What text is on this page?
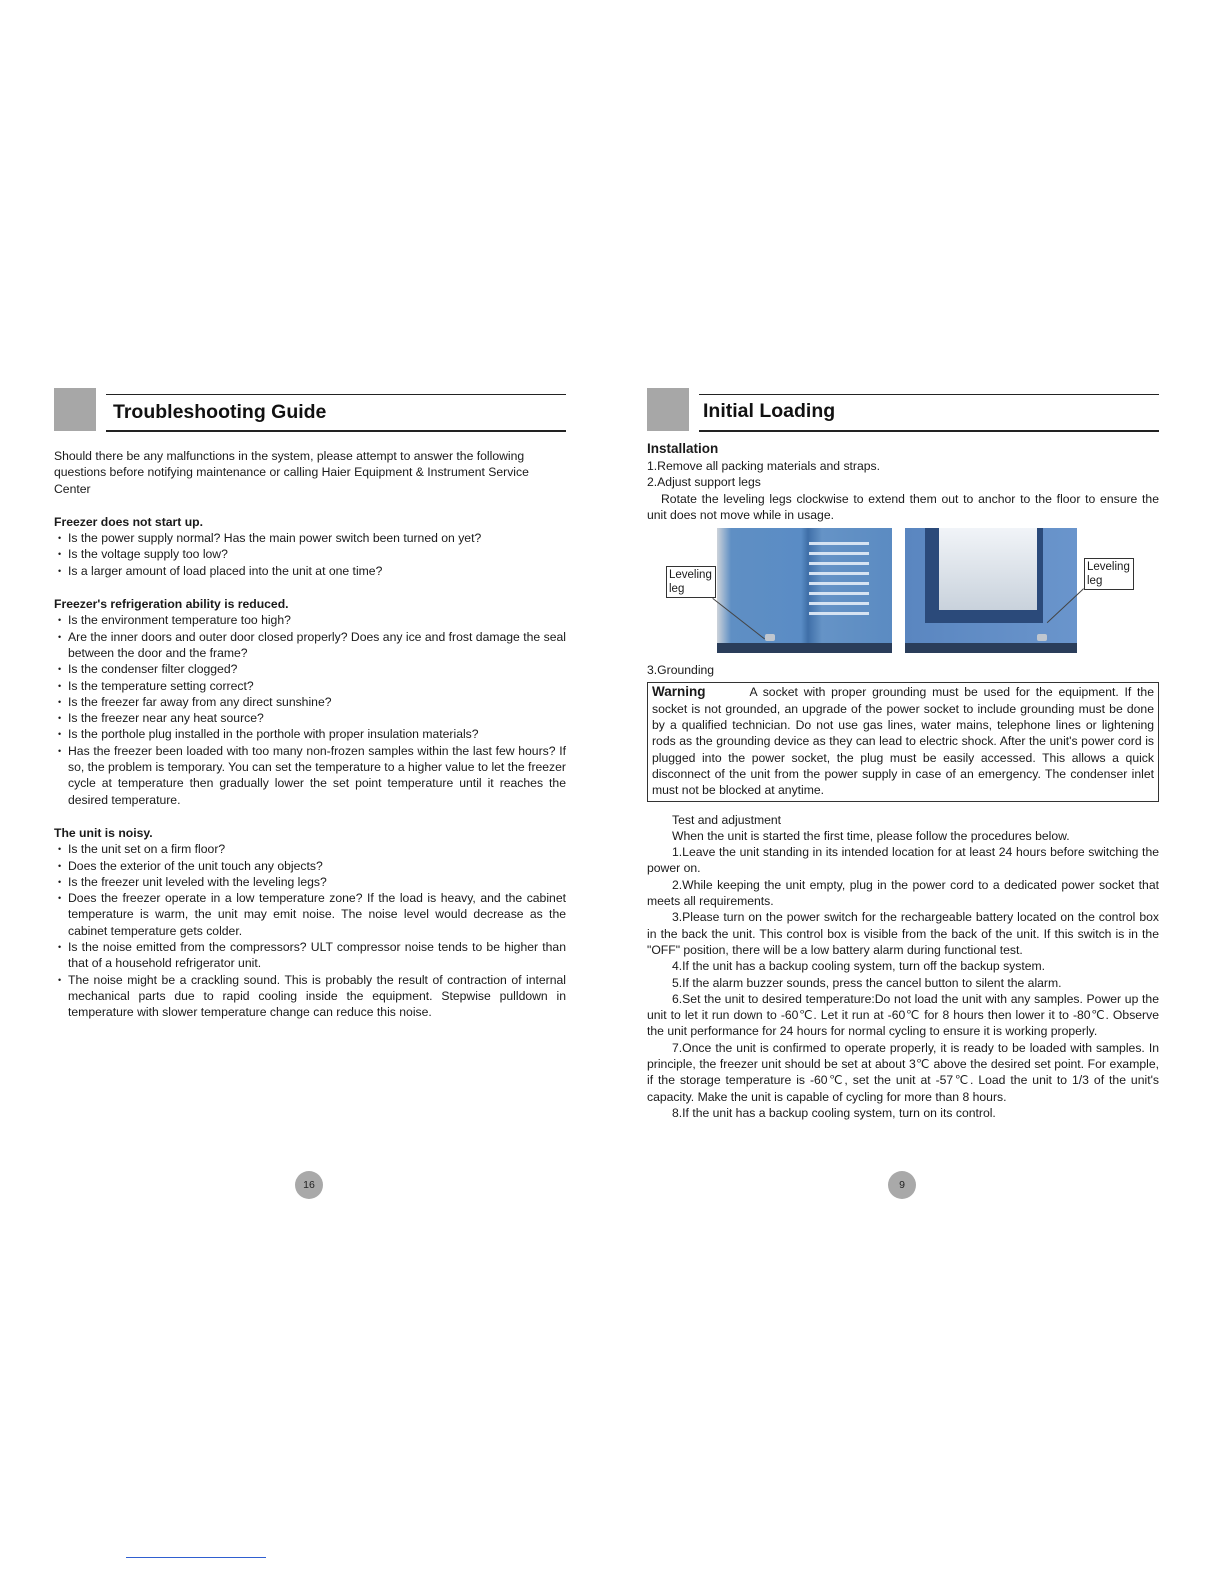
Troubleshooting Guide

Should there be any malfunctions in the system, please attempt to answer the following questions before notifying maintenance or calling Haier Equipment & Instrument Service Center

Freezer does not start up.

• Is the power supply normal? Has the main power switch been turned on yet?
• Is the voltage supply too low?
• Is a larger amount of load placed into the unit at one time?

Freezer's refrigeration ability is reduced.

• Is the environment temperature too high?
• Are the inner doors and outer door closed properly? Does any ice and frost damage the seal between the door and the frame?
• Is the condenser filter clogged?
• Is the temperature setting correct?
• Is the freezer far away from any direct sunshine?
• Is the freezer near any heat source?
• Is the porthole plug installed in the porthole with proper insulation materials?
• Has the freezer been loaded with too many non-frozen samples within the last few hours? If so, the problem is temporary. You can set the temperature to a higher value to let the freezer cycle at temperature then gradually lower the set point temperature until it reaches the desired temperature.

The unit is noisy.

• Is the unit set on a firm floor?
• Does the exterior of the unit touch any objects?
• Is the freezer unit leveled with the leveling legs?
• Does the freezer operate in a low temperature zone? If the load is heavy, and the cabinet temperature is warm, the unit may emit noise. The noise level would decrease as the cabinet temperature gets colder.
• Is the noise emitted from the compressors? ULT compressor noise tends to be higher than that of a household refrigerator unit.
• The noise might be a crackling sound. This is probably the result of contraction of internal mechanical parts due to rapid cooling inside the equipment. Stepwise pulldown in temperature with slower temperature change can reduce this noise.
Initial Loading

Installation

1.Remove all packing materials and straps.

2.Adjust support legs

Rotate the leveling legs clockwise to extend them out to anchor to the floor to ensure the unit does not move while in usage.

Leveling leg
Leveling leg

3.Grounding

Warning	A socket with proper grounding must be used for the equipment. If the socket is not grounded, an upgrade of the power socket to include grounding must be done by a qualified technician. Do not use gas lines, water mains, telephone lines or lightening rods as the grounding device as they can lead to electric shock. After the unit's power cord is plugged into the power socket, the plug must be easily accessed. This allows a quick disconnect of the unit from the power supply in case of an emergency. The condenser inlet must not be blocked at anytime.

Test and adjustment

When the unit is started the first time, please follow the procedures below.

1.Leave the unit standing in its intended location for at least 24 hours before switching the power on.

2.While keeping the unit empty, plug in the power cord to a dedicated power socket that meets all requirements.

3.Please turn on the power switch for the rechargeable battery located on the control box in the back the unit. This control box is visible from the back of the unit. If this switch is in the "OFF" position, there will be a low battery alarm during functional test.

4.If the unit has a backup cooling system, turn off the backup system.

5.If the alarm buzzer sounds, press the cancel button to silent the alarm.

6.Set the unit to desired temperature:Do not load the unit with any samples. Power up the unit to let it run down to -60℃. Let it run at -60℃ for 8 hours then lower it to -80℃. Observe the unit performance for 24 hours for normal cycling to ensure it is working properly.

7.Once the unit is confirmed to operate properly, it is ready to be loaded with samples. In principle, the freezer unit should be set at about 3℃ above the desired set point. For example, if the storage temperature is -60℃, set the unit at -57℃. Load the unit to 1/3 of the unit's capacity. Make the unit is capable of cycling for more than 8 hours.

8.If the unit has a backup cooling system, turn on its control.

16	9
